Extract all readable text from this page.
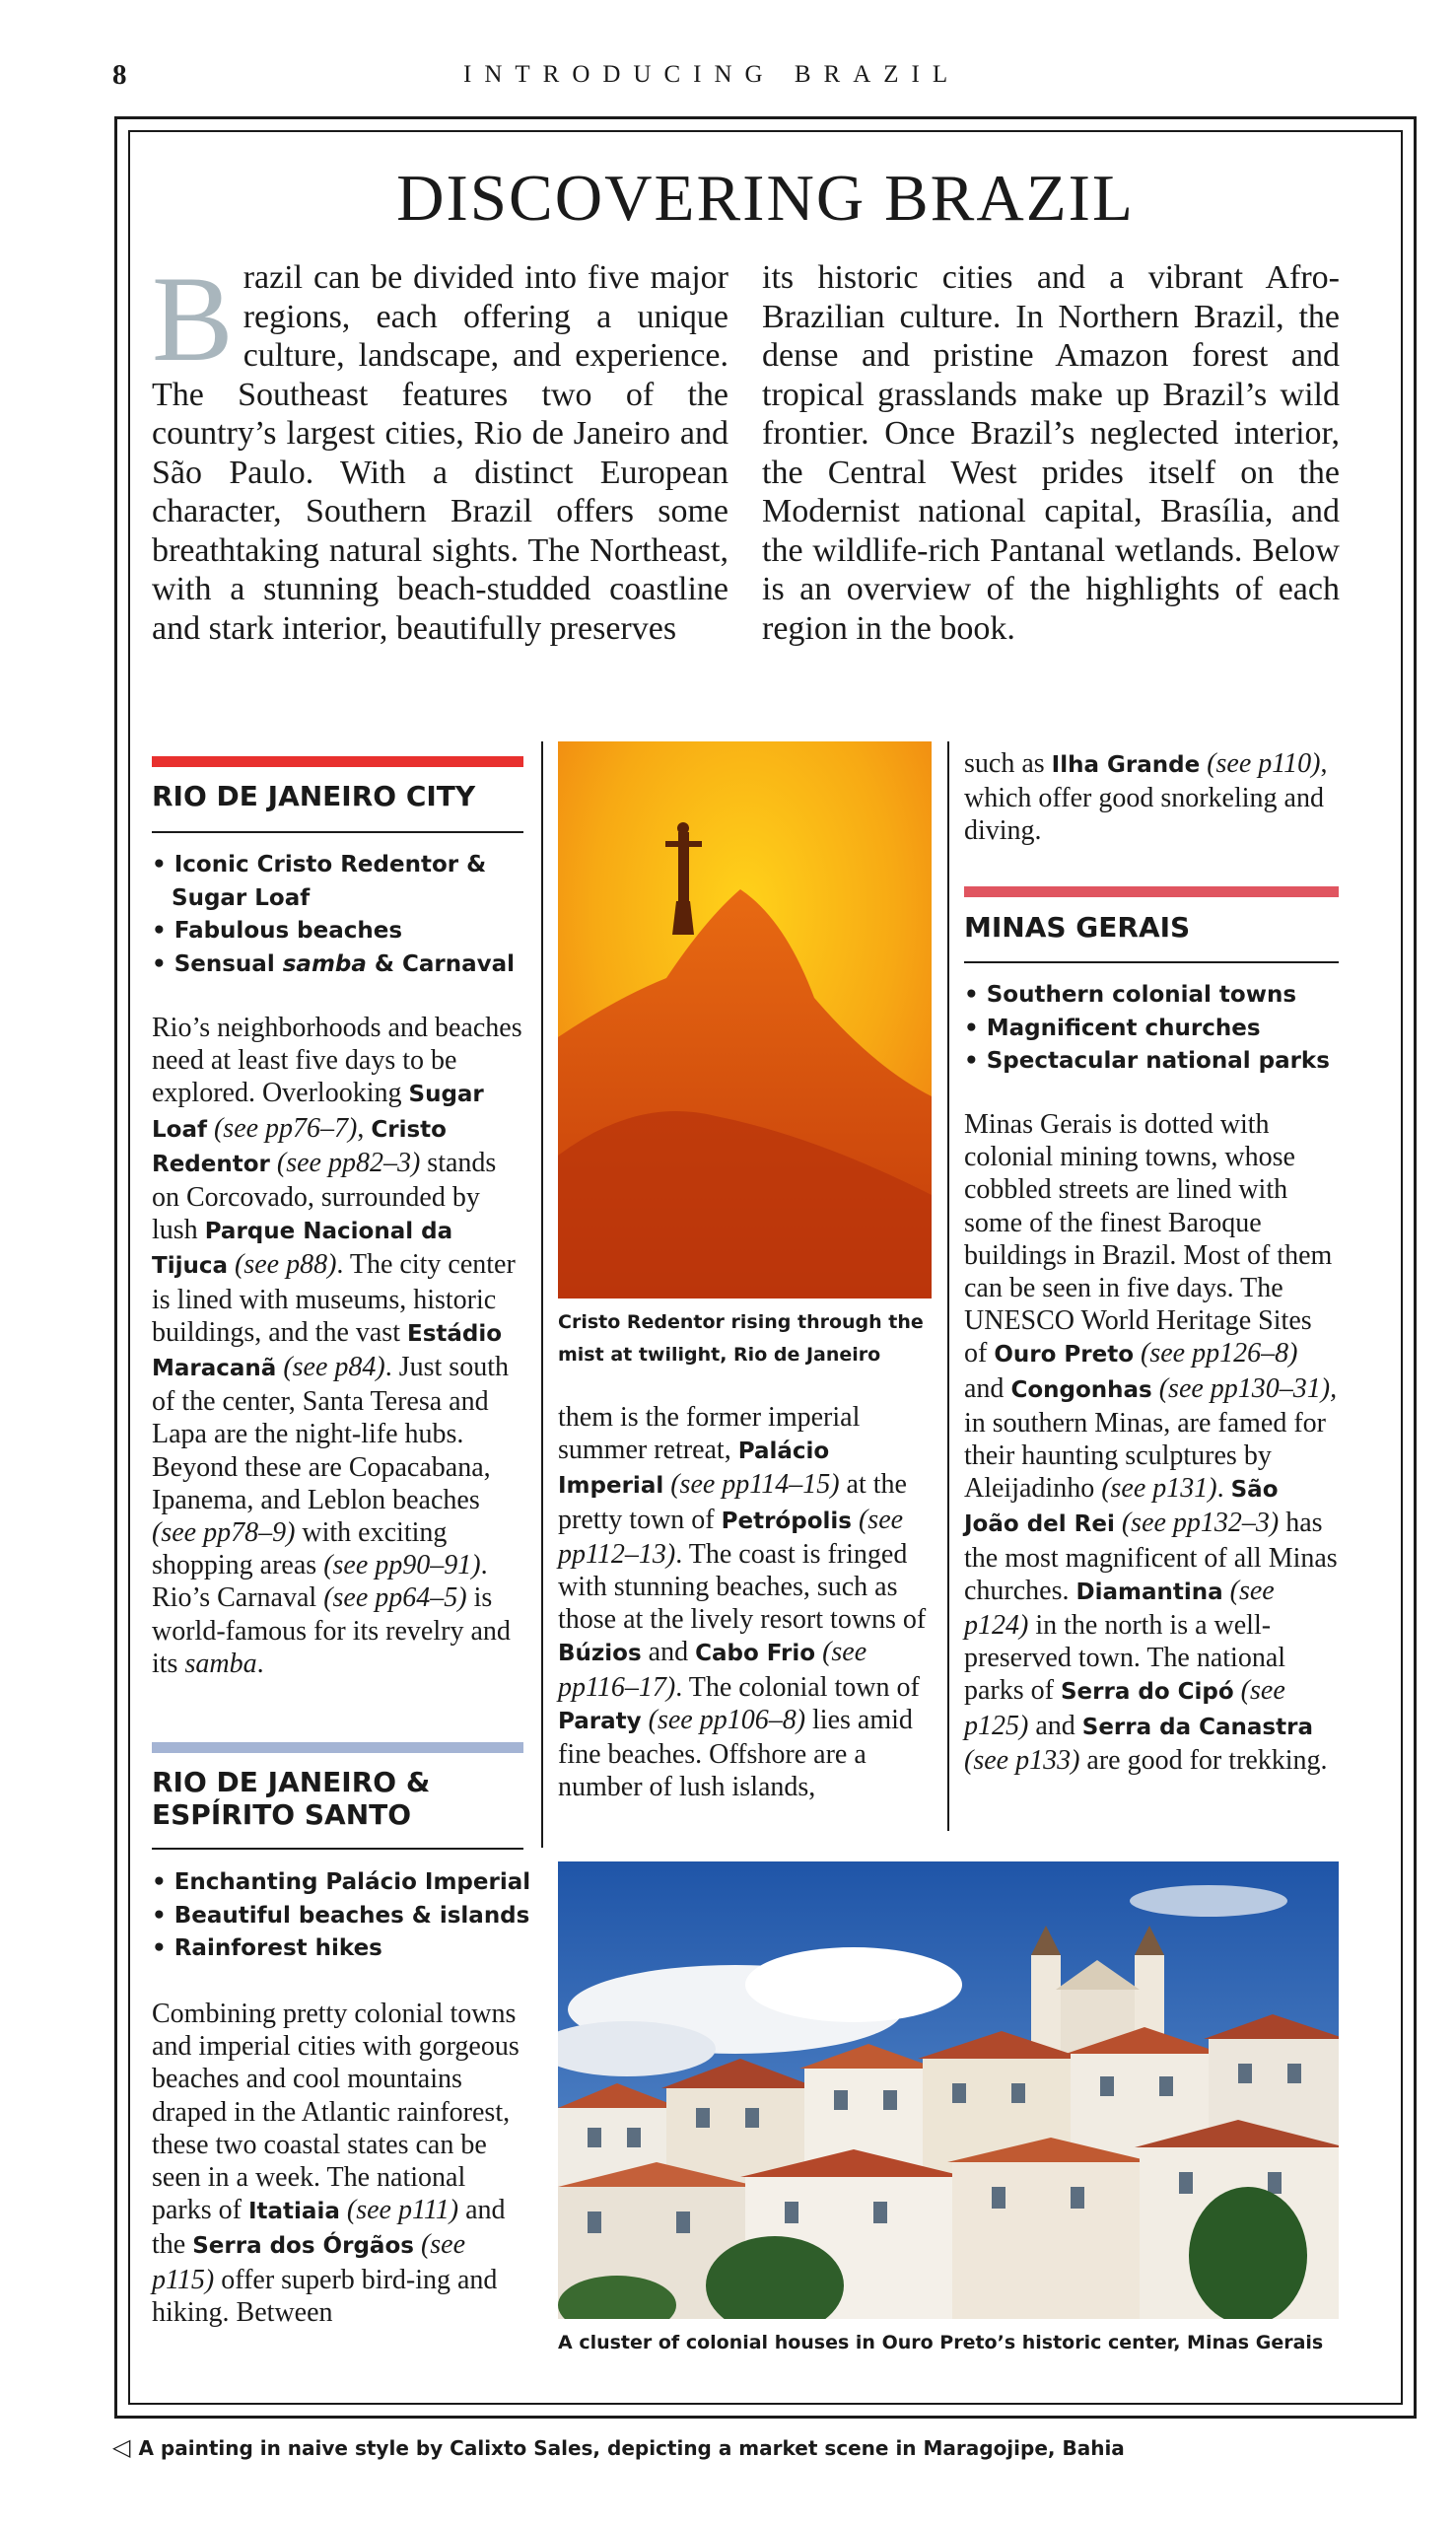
8	INTRODUCING BRAZIL
DISCOVERING BRAZIL
Brazil can be divided into five major regions, each offering a unique culture, landscape, and experience. The Southeast features two of the country’s largest cities, Rio de Janeiro and São Paulo. With a distinct European character, Southern Brazil offers some breathtaking natural sights. The Northeast, with a stunning beach-studded coastline and stark interior, beautifully preserves
its historic cities and a vibrant Afro-Brazilian culture. In Northern Brazil, the dense and pristine Amazon forest and tropical grasslands make up Brazil’s wild frontier. Once Brazil’s neglected interior, the Central West prides itself on the Modernist national capital, Brasília, and the wildlife-rich Pantanal wetlands. Below is an overview of the highlights of each region in the book.
RIO DE JANEIRO CITY
• Iconic Cristo Redentor &
Sugar Loaf
• Fabulous beaches
• Sensual samba & Carnaval
Rio’s neighborhoods and beaches need at least five days to be explored. Overlooking Sugar Loaf (see pp76–7), Cristo Redentor (see pp82–3) stands on Corcovado, surrounded by lush Parque Nacional da Tijuca (see p88). The city center is lined with museums, historic buildings, and the vast Estádio Maracanã (see p84). Just south of the center, Santa Teresa and Lapa are the night-life hubs. Beyond these are Copacabana, Ipanema, and Leblon beaches (see pp78–9) with exciting shopping areas (see pp90–91). Rio’s Carnaval (see pp64–5) is world-famous for its revelry and its samba.
RIO DE JANEIRO &
ESPÍRITO SANTO
• Enchanting Palácio Imperial
• Beautiful beaches & islands
• Rainforest hikes
Combining pretty colonial towns and imperial cities with gorgeous beaches and cool mountains draped in the Atlantic rainforest, these two coastal states can be seen in a week. The national parks of Itatiaia (see p111) and the Serra dos Órgãos (see p115) offer superb bird-ing and hiking. Between
Cristo Redentor rising through the mist at twilight, Rio de Janeiro
them is the former imperial summer retreat, Palácio Imperial (see pp114–15) at the pretty town of Petrópolis (see pp112–13). The coast is fringed with stunning beaches, such as those at the lively resort towns of Búzios and Cabo Frio (see pp116–17). The colonial town of Paraty (see pp106–8) lies amid fine beaches. Offshore are a number of lush islands,
such as Ilha Grande (see p110), which offer good snorkeling and diving.
MINAS GERAIS
• Southern colonial towns
• Magnificent churches
• Spectacular national parks
Minas Gerais is dotted with colonial mining towns, whose cobbled streets are lined with some of the finest Baroque buildings in Brazil. Most of them can be seen in five days. The UNESCO World Heritage Sites of Ouro Preto (see pp126–8) and Congonhas (see pp130–31), in southern Minas, are famed for their haunting sculptures by Aleijadinho (see p131). São João del Rei (see pp132–3) has the most magnificent of all Minas churches. Diamantina (see p124) in the north is a well-preserved town. The national parks of Serra do Cipó (see p125) and Serra da Canastra (see p133) are good for trekking.
A cluster of colonial houses in Ouro Preto’s historic center, Minas Gerais
◁ A painting in naive style by Calixto Sales, depicting a market scene in Maragojipe, Bahia
